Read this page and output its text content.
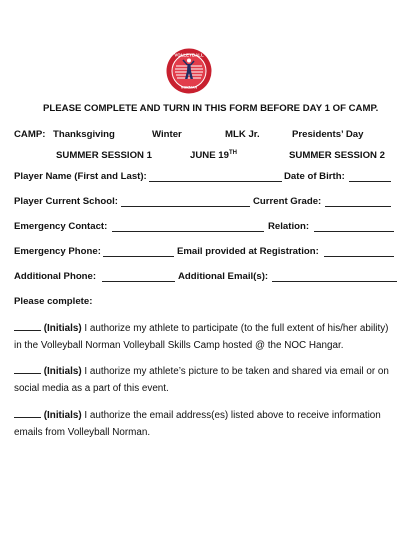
VOLLEYBALL
NORMAN
PLEASE COMPLETE AND TURN IN THIS FORM BEFORE DAY 1 OF CAMP.
CAMP: Thanksgiving	Winter	MLK Jr.	Presidents’ Day
SUMMER SESSION 1	JUNE 19TH	SUMMER SESSION 2
Player Name (First and Last):	Date of Birth:
Player Current School:	Current Grade:
Emergency Contact:	Relation:
Emergency Phone:	Email provided at Registration:
Additional Phone:	Additional Email(s):
Please complete:
(Initials) I authorize my athlete to participate (to the full extent of his/her ability)
in the Volleyball Norman Volleyball Skills Camp hosted @ the NOC Hangar.
(Initials) I authorize my athlete’s picture to be taken and shared via email or on
social media as a part of this event.
(Initials) I authorize the email address(es) listed above to receive information
emails from Volleyball Norman.
